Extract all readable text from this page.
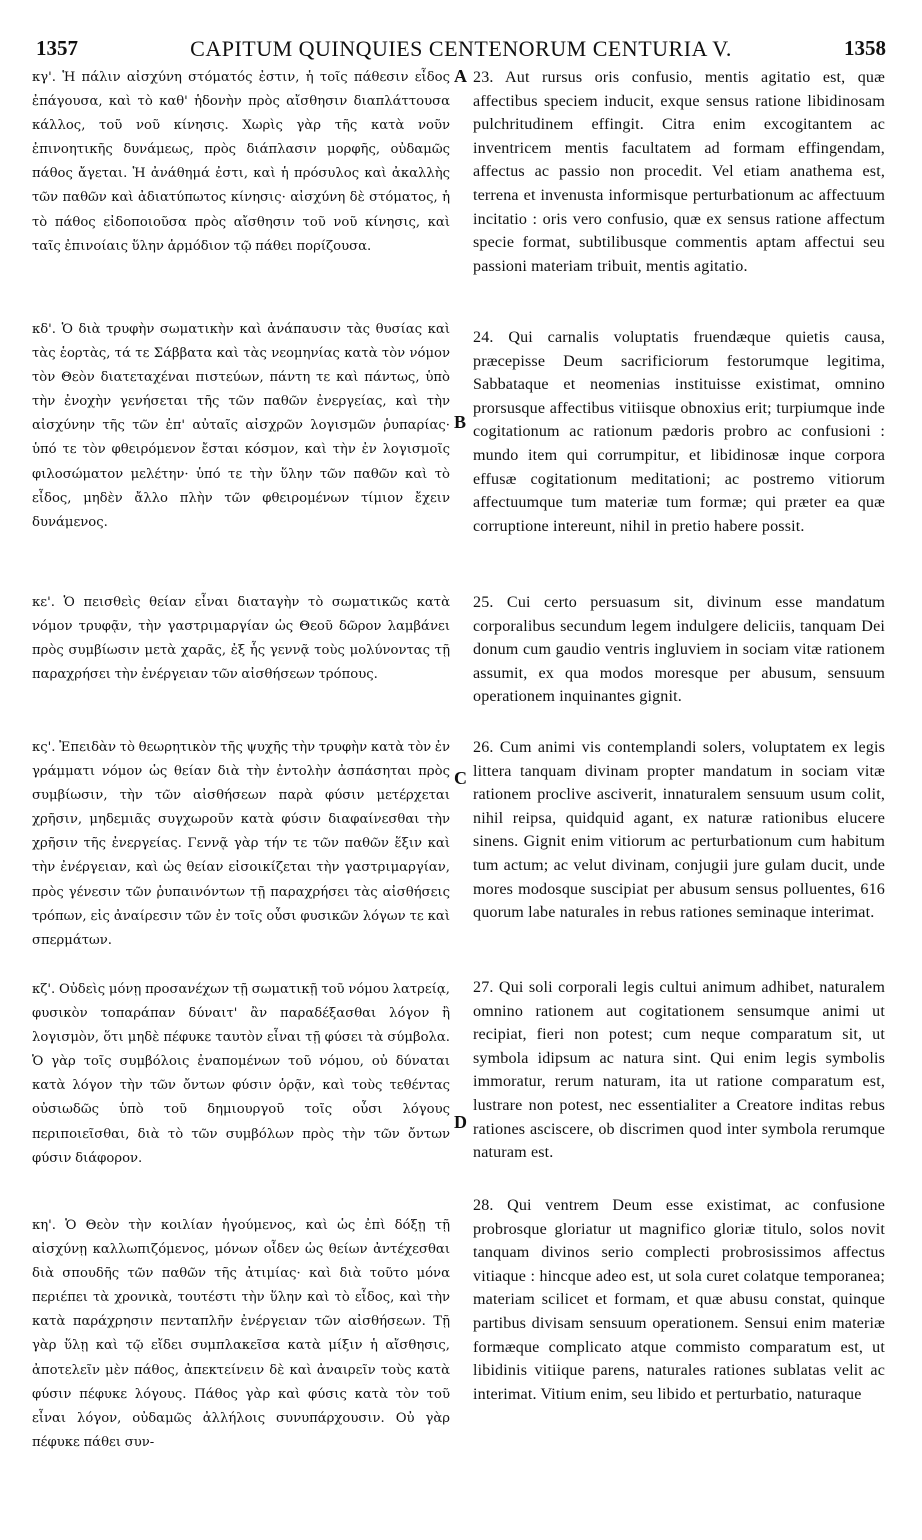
1357	CAPITUM QUINQUIES CENTENORUM CENTURIA V.	1358
A
B
C
D
κγ'. Ἡ πάλιν αἰσχύνη στόματός ἐστιν, ἡ τοῖς πάθεσιν εἶδος ἐπάγουσα, καὶ τὸ καθ' ἡδονὴν πρὸς αἴσθησιν διαπλάττουσα κάλλος, τοῦ νοῦ κίνησις. Χωρὶς γὰρ τῆς κατὰ νοῦν ἐπινοητικῆς δυνάμεως, πρὸς διάπλασιν μορφῆς, οὐδαμῶς πάθος ἄγεται. Ἡ ἀνάθημά ἐστι, καὶ ἡ πρόσυλος καὶ ἀκαλλὴς τῶν παθῶν καὶ ἀδιατύπωτος κίνησις· αἰσχύνη δὲ στόματος, ἡ τὸ πάθος εἰδοποιοῦσα πρὸς αἴσθησιν τοῦ νοῦ κίνησις, καὶ ταῖς ἐπινοίαις ὕλην ἁρμόδιον τῷ πάθει πορίζουσα.
κδ'. Ὁ διὰ τρυφὴν σωματικὴν καὶ ἀνάπαυσιν τὰς θυσίας καὶ τὰς ἑορτὰς, τά τε Σάββατα καὶ τὰς νεομηνίας κατὰ τὸν νόμον τὸν Θεὸν διατεταχέναι πιστεύων, πάντη τε καὶ πάντως, ὑπὸ τὴν ἐνοχὴν γενήσεται τῆς τῶν παθῶν ἐνεργείας, καὶ τὴν αἰσχύνην τῆς τῶν ἐπ' αὐταῖς αἰσχρῶν λογισμῶν ῥυπαρίας· ὑπό τε τὸν φθειρόμενον ἔσται κόσμον, καὶ τὴν ἐν λογισμοῖς φιλοσώματον μελέτην· ὑπό τε τὴν ὕλην τῶν παθῶν καὶ τὸ εἶδος, μηδὲν ἄλλο πλὴν τῶν φθειρομένων τίμιον ἔχειν δυνάμενος.
κε'. Ὁ πεισθεὶς θείαν εἶναι διαταγὴν τὸ σωματικῶς κατὰ νόμον τρυφᾷν, τὴν γαστριμαργίαν ὡς Θεοῦ δῶρον λαμβάνει πρὸς συμβίωσιν μετὰ χαρᾶς, ἐξ ἧς γεννᾷ τοὺς μολύνοντας τῇ παραχρήσει τὴν ἐνέργειαν τῶν αἰσθήσεων τρόπους.
κς'. Ἐπειδὰν τὸ θεωρητικὸν τῆς ψυχῆς τὴν τρυφὴν κατὰ τὸν ἐν γράμματι νόμον ὡς θείαν διὰ τὴν ἐντολὴν ἀσπάσηται πρὸς συμβίωσιν, τὴν τῶν αἰσθήσεων παρὰ φύσιν μετέρχεται χρῆσιν, μηδεμιᾶς συγχωροῦν κατὰ φύσιν διαφαίνεσθαι τὴν χρῆσιν τῆς ἐνεργείας. Γεννᾷ γὰρ τήν τε τῶν παθῶν ἕξιν καὶ τὴν ἐνέργειαν, καὶ ὡς θείαν εἰσοικίζεται τὴν γαστριμαργίαν, πρὸς γένεσιν τῶν ῥυπαινόντων τῇ παραχρήσει τὰς αἰσθήσεις τρόπων, εἰς ἀναίρεσιν τῶν ἐν τοῖς οὖσι φυσικῶν λόγων τε καὶ σπερμάτων.
κζ'. Οὐδεὶς μόνῃ προσανέχων τῇ σωματικῇ τοῦ νόμου λατρείᾳ, φυσικὸν τοπαράπαν δύναιτ' ἂν παραδέξασθαι λόγον ἢ λογισμὸν, ὅτι μηδὲ πέφυκε ταυτὸν εἶναι τῇ φύσει τὰ σύμβολα. Ὁ γὰρ τοῖς συμβόλοις ἐναπομένων τοῦ νόμου, οὐ δύναται κατὰ λόγον τὴν τῶν ὄντων φύσιν ὁρᾷν, καὶ τοὺς τεθέντας οὐσιωδῶς ὑπὸ τοῦ δημιουργοῦ τοῖς οὖσι λόγους περιποιεῖσθαι, διὰ τὸ τῶν συμβόλων πρὸς τὴν τῶν ὄντων φύσιν διάφορον.
κη'. Ὁ Θεὸν τὴν κοιλίαν ἡγούμενος, καὶ ὡς ἐπὶ δόξῃ τῇ αἰσχύνῃ καλλωπιζόμενος, μόνων οἶδεν ὡς θείων ἀντέχεσθαι διὰ σπουδῆς τῶν παθῶν τῆς ἀτιμίας· καὶ διὰ τοῦτο μόνα περιέπει τὰ χρονικὰ, τουτέστι τὴν ὕλην καὶ τὸ εἶδος, καὶ τὴν κατὰ παράχρησιν πενταπλῆν ἐνέργειαν τῶν αἰσθήσεων. Τῇ γὰρ ὕλῃ καὶ τῷ εἴδει συμπλακεῖσα κατὰ μίξιν ἡ αἴσθησις, ἀποτελεῖν μὲν πάθος, ἀπεκτείνειν δὲ καὶ ἀναιρεῖν τοὺς κατὰ φύσιν πέφυκε λόγους. Πάθος γὰρ καὶ φύσις κατὰ τὸν τοῦ εἶναι λόγον, οὐδαμῶς ἀλλήλοις συνυπάρχουσιν. Οὐ γὰρ πέφυκε πάθει συν-
23. Aut rursus oris confusio, mentis agitatio est, quæ affectibus speciem inducit, exque sensus ratione libidinosam pulchritudinem effingit. Citra enim excogitantem ac inventricem mentis facultatem ad formam effingendam, affectus ac passio non procedit. Vel etiam anathema est, terrena et invenusta informisque perturbationum ac affectuum incitatio : oris vero confusio, quæ ex sensus ratione affectum specie format, subtilibusque commentis aptam affectui seu passioni materiam tribuit, mentis agitatio.
24. Qui carnalis voluptatis fruendæque quietis causa, præcepisse Deum sacrificiorum festorumque legitima, Sabbataque et neomenias instituisse existimat, omnino prorsusque affectibus vitiisque obnoxius erit; turpiumque inde cogitationum ac rationum pædoris probro ac confusioni : mundo item qui corrumpitur, et libidinosæ inque corpora effusæ cogitationum meditationi; ac postremo vitiorum affectuumque tum materiæ tum formæ; qui præter ea quæ corruptione intereunt, nihil in pretio habere possit.
25. Cui certo persuasum sit, divinum esse mandatum corporalibus secundum legem indulgere deliciis, tanquam Dei donum cum gaudio ventris ingluviem in sociam vitæ rationem assumit, ex qua modos moresque per abusum, sensuum operationem inquinantes gignit.
26. Cum animi vis contemplandi solers, voluptatem ex legis littera tanquam divinam propter mandatum in sociam vitæ rationem proclive asciverit, innaturalem sensuum usum colit, nihil reipsa, quidquid agant, ex naturæ rationibus elucere sinens. Gignit enim vitiorum ac perturbationum cum habitum tum actum; ac velut divinam, conjugii jure gulam ducit, unde mores modosque suscipiat per abusum sensus polluentes, 616 quorum labe naturales in rebus rationes seminaque interimat.
27. Qui soli corporali legis cultui animum adhibet, naturalem omnino rationem aut cogitationem sensumque animi ut recipiat, fieri non potest; cum neque comparatum sit, ut symbola idipsum ac natura sint. Qui enim legis symbolis immoratur, rerum naturam, ita ut ratione comparatum est, lustrare non potest, nec essentialiter a Creatore inditas rebus rationes asciscere, ob discrimen quod inter symbola rerumque naturam est.
28. Qui ventrem Deum esse existimat, ac confusione probrosque gloriatur ut magnifico gloriæ titulo, solos novit tanquam divinos serio complecti probrosissimos affectus vitiaque : hincque adeo est, ut sola curet colatque temporanea; materiam scilicet et formam, et quæ abusu constat, quinque partibus divisam sensuum operationem. Sensui enim materiæ formæque complicato atque commisto comparatum est, ut libidinis vitiique parens, naturales rationes sublatas velit ac interimat. Vitium enim, seu libido et perturbatio, naturaque
